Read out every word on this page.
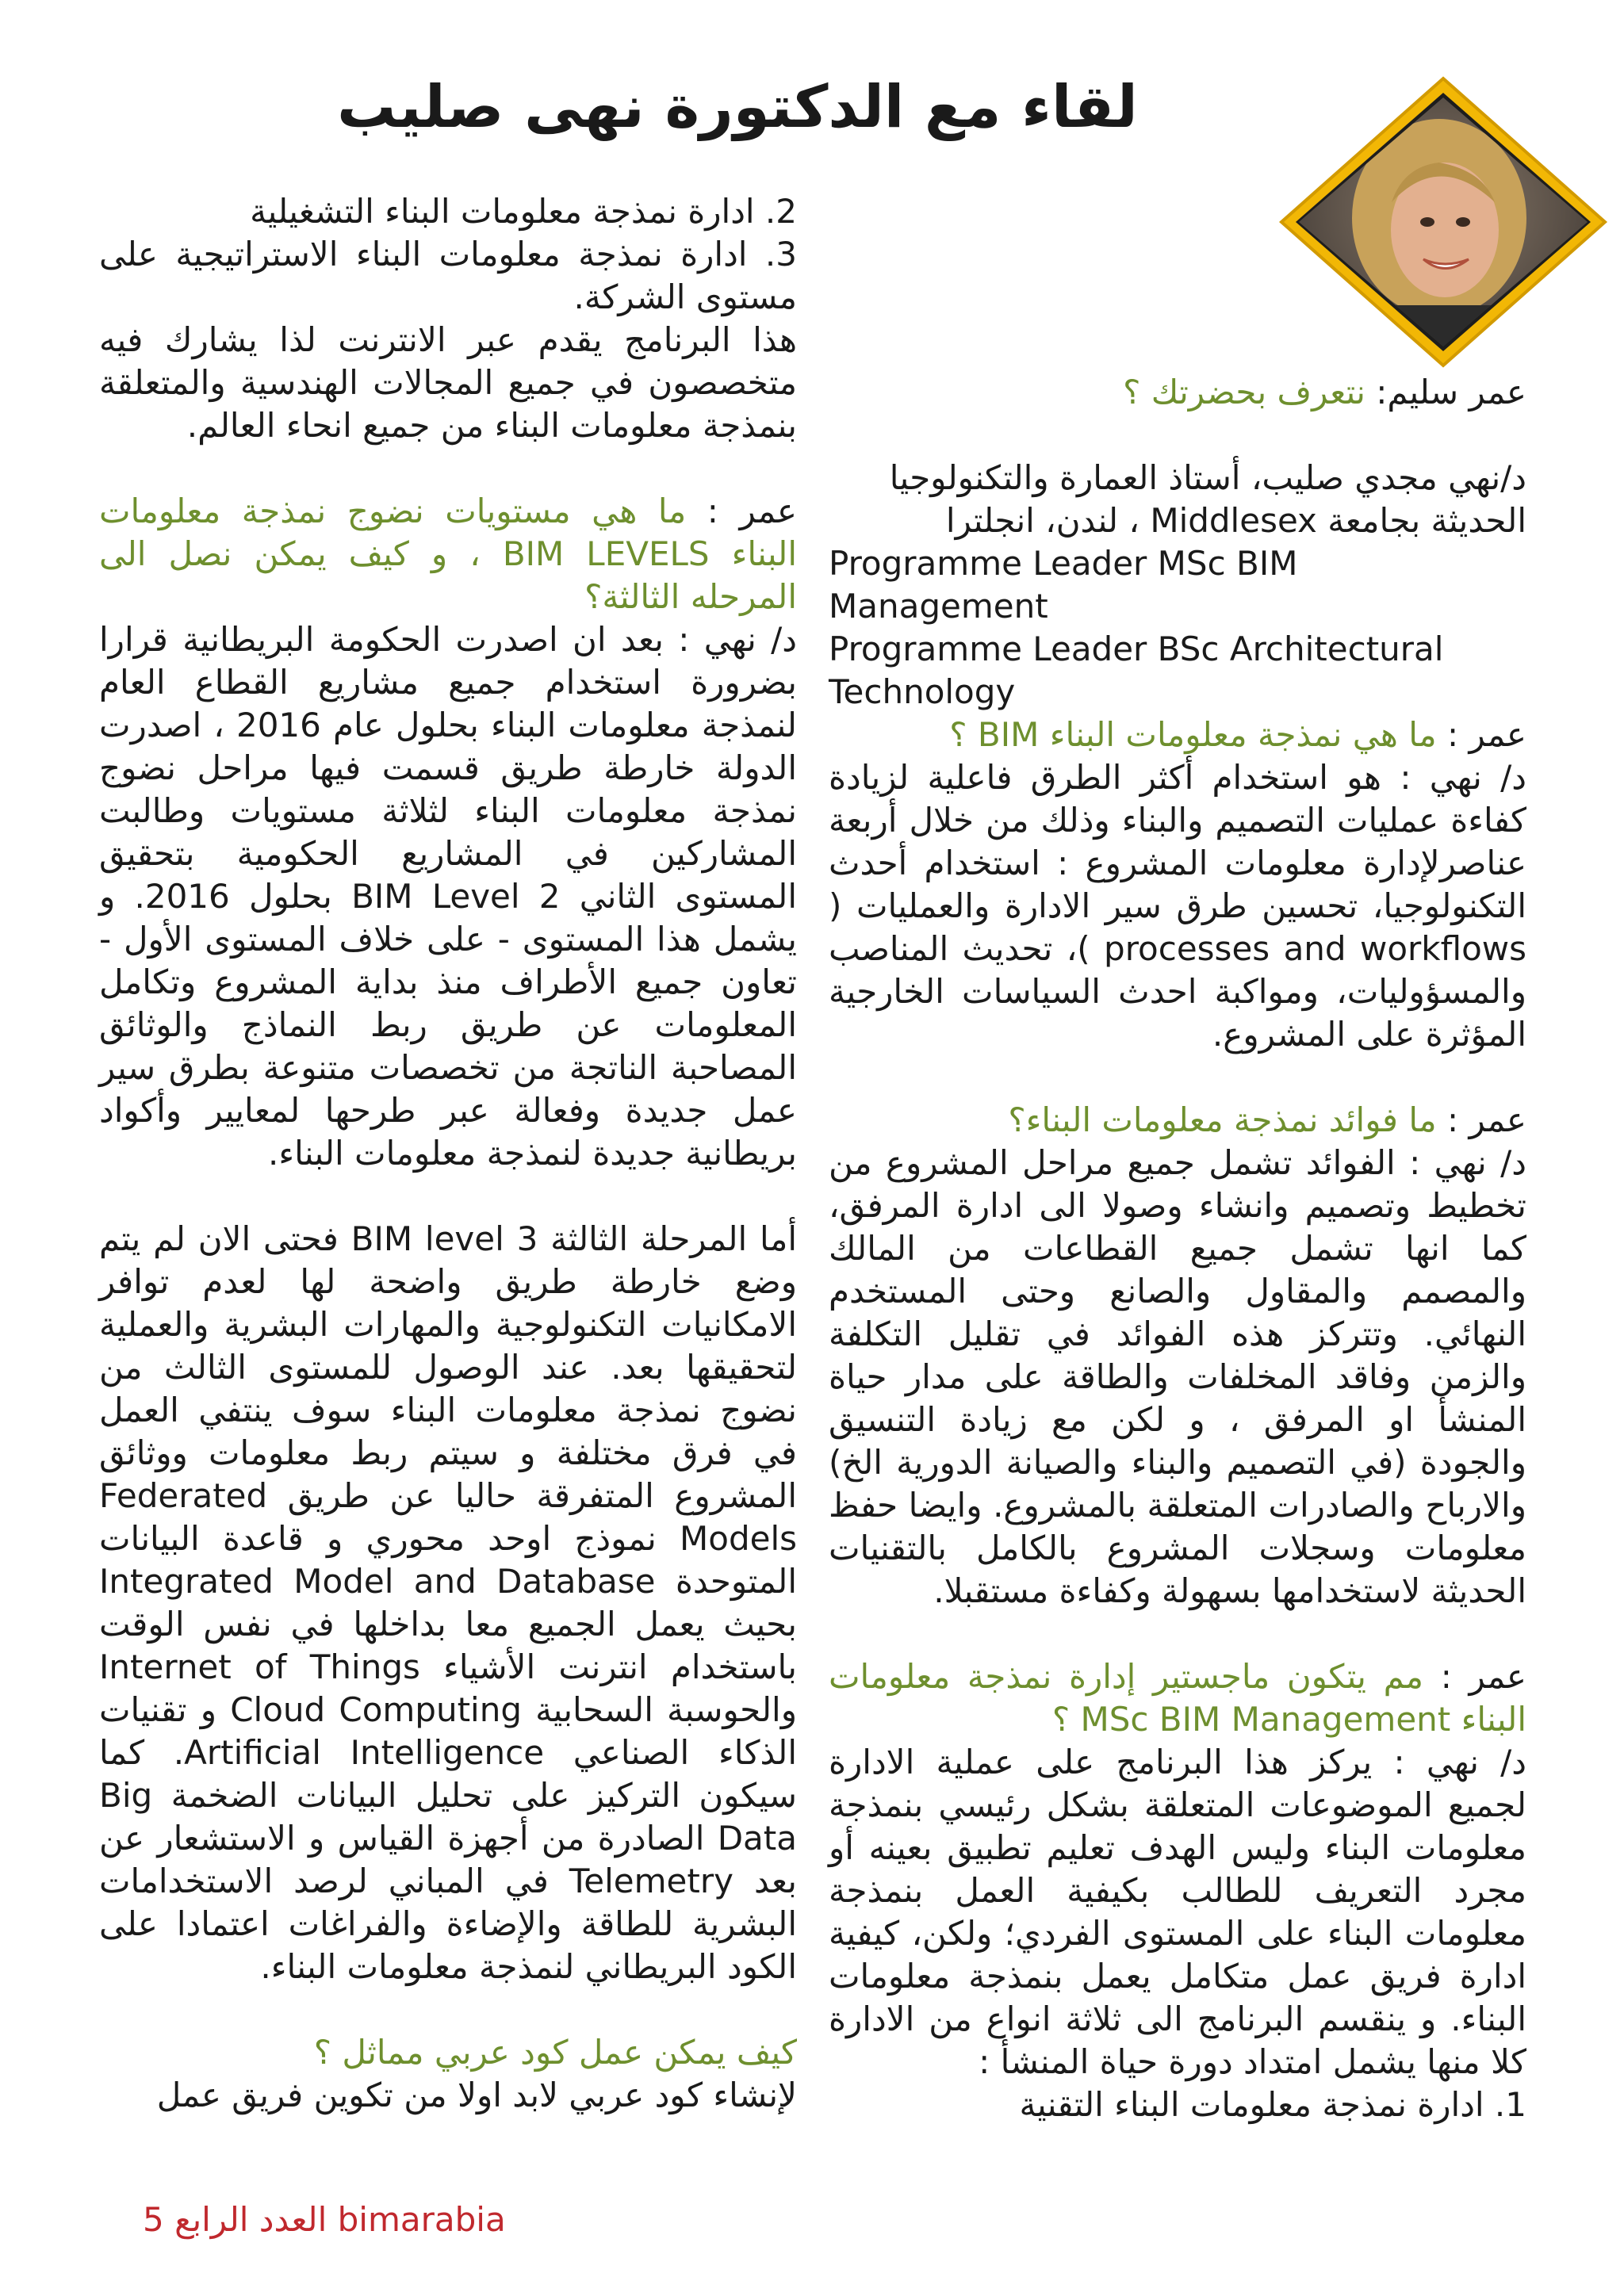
لقاء مع الدكتورة نهى صليب

عمر سليم: نتعرف بحضرتك ؟

د/نهي مجدي صليب، أستاذ العمارة والتكنولوجيا

الحديثة بجامعة Middlesex ، لندن، انجلترا

Programme Leader MSc BIM Management

Programme Leader BSc Architectural

Technology

عمر : ما هي نمذجة معلومات البناء BIM ؟

د/ نهي : هو استخدام أكثر الطرق فاعلية لزيادة كفاءة عمليات التصميم والبناء وذلك من خلال أربعة عناصرلإدارة معلومات المشروع : استخدام أحدث التكنولوجيا، تحسين طرق سير الادارة والعمليات ( processes and workflows )، تحديث المناصب والمسؤوليات، ومواكبة احدث السياسات الخارجية المؤثرة على المشروع.

عمر : ما فوائد نمذجة معلومات البناء؟

د/ نهي : الفوائد تشمل جميع مراحل المشروع من تخطيط وتصميم وانشاء وصولا الى ادارة المرفق، كما انها تشمل جميع القطاعات من المالك والمصمم والمقاول والصانع وحتى المستخدم النهائي. وتتركز هذه الفوائد في تقليل التكلفة والزمن وفاقد المخلفات والطاقة على مدار حياة المنشأ او المرفق ، و لكن مع زيادة التنسيق والجودة (في التصميم والبناء والصيانة الدورية الخ) والارباح والصادرات المتعلقة بالمشروع. وايضا حفظ معلومات وسجلات المشروع بالكامل بالتقنيات الحديثة لاستخدامها بسهولة وكفاءة مستقبلا.

عمر : مم يتكون ماجستير إدارة نمذجة معلومات البناء MSc BIM Management ؟

د/ نهي : يركز هذا البرنامج على عملية الادارة لجميع الموضوعات المتعلقة بشكل رئيسي بنمذجة معلومات البناء وليس الهدف تعليم تطبيق بعينه أو مجرد التعريف للطالب بكيفية العمل بنمذجة معلومات البناء على المستوى الفردي؛ ولكن، كيفية ادارة فريق عمل متكامل يعمل بنمذجة معلومات البناء. و ينقسم البرنامج الى ثلاثة انواع من الادارة كلا منها يشمل امتداد دورة حياة المنشأ :

1. ادارة نمذجة معلومات البناء التقنية

2. ادارة نمذجة معلومات البناء التشغيلية

3. ادارة نمذجة معلومات البناء الاستراتيجية على مستوى الشركة.

هذا البرنامج يقدم عبر الانترنت لذا يشارك فيه متخصصون في جميع المجالات الهندسية والمتعلقة بنمذجة معلومات البناء من جميع انحاء العالم.

عمر : ما هي مستويات نضوج نمذجة معلومات البناء BIM LEVELS ، و كيف يمكن نصل الى المرحله الثالثة؟

د/ نهي : بعد ان اصدرت الحكومة البريطانية قرارا بضرورة استخدام جميع مشاريع القطاع العام لنمذجة معلومات البناء بحلول عام 2016 ، اصدرت الدولة خارطة طريق قسمت فيها مراحل نضوج نمذجة معلومات البناء لثلاثة مستويات وطالبت المشاركين في المشاريع الحكومية بتحقيق المستوى الثاني BIM Level 2 بحلول 2016. و يشمل هذا المستوى - على خلاف المستوى الأول - تعاون جميع الأطراف منذ بداية المشروع وتكامل المعلومات عن طريق ربط النماذج والوثائق المصاحبة الناتجة من تخصصات متنوعة بطرق سير عمل جديدة وفعالة عبر طرحها لمعايير وأكواد بريطانية جديدة لنمذجة معلومات البناء.

أما المرحلة الثالثة BIM level 3 فحتى الان لم يتم وضع خارطة طريق واضحة لها لعدم توافر الامكانيات التكنولوجية والمهارات البشرية والعملية لتحقيقها بعد. عند الوصول للمستوى الثالث من نضوج نمذجة معلومات البناء سوف ينتفي العمل في فرق مختلفة و سيتم ربط معلومات ووثائق المشروع المتفرقة حاليا عن طريق Federated Models نموذج اوحد محوري و قاعدة البيانات المتوحدة Integrated Model and Database بحيث يعمل الجميع معا بداخلها في نفس الوقت باستخدام انترنت الأشياء Internet of Things والحوسبة السحابية Cloud Computing و تقنيات الذكاء الصناعي Artificial Intelligence. كما سيكون التركيز على تحليل البيانات الضخمة Big Data الصادرة من أجهزة القياس و الاستشعار عن بعد Telemetry في المباني لرصد الاستخدامات البشرية للطاقة والإضاءة والفراغات اعتمادا على الكود البريطاني لنمذجة معلومات البناء.

كيف يمكن عمل كود عربي مماثل ؟

لإنشاء كود عربي لابد اولا من تكوين فريق عمل

5 العدد الرابع bimarabia
